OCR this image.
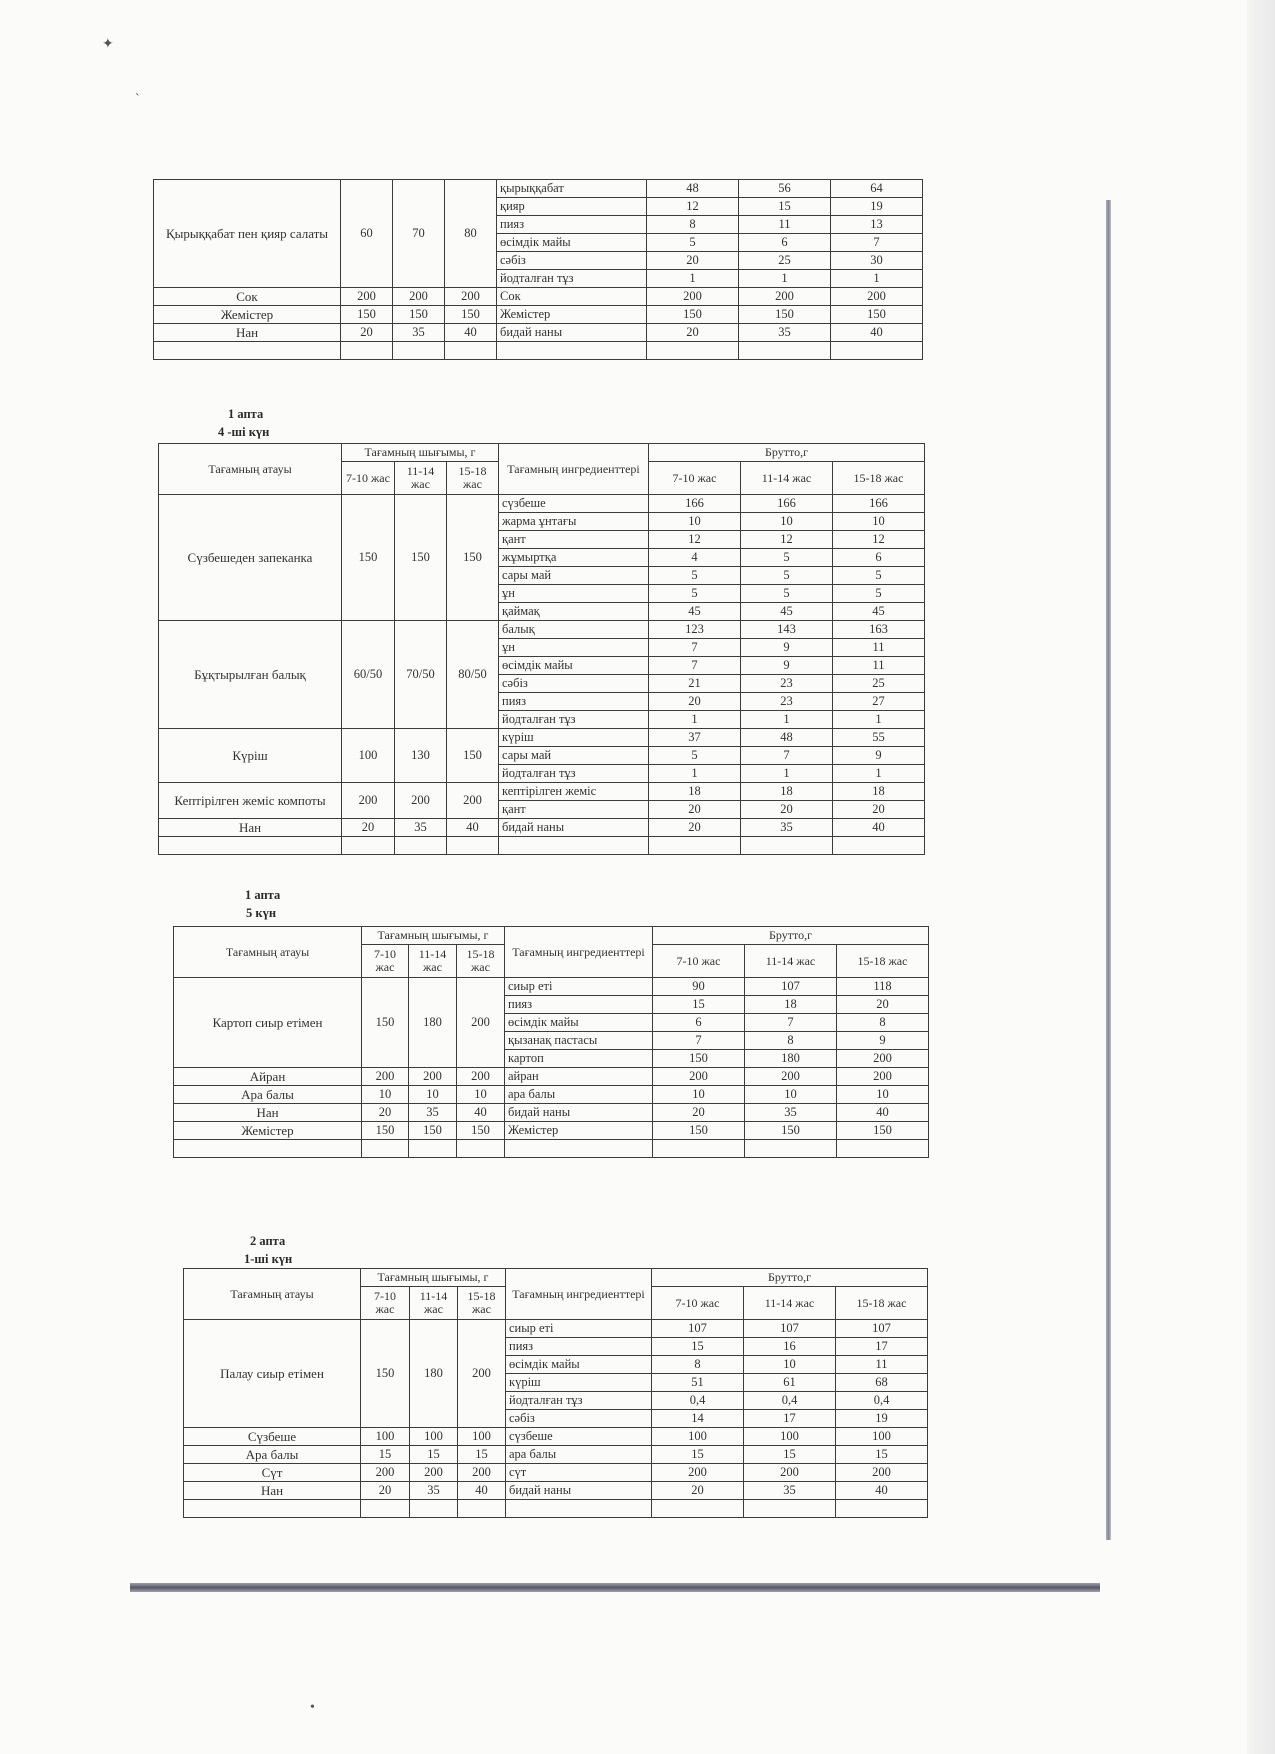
✦
˴
•
Қырыққабат пен қияр салаты	60	70	80	қырыққабат	48	56	64
				қияр	12	15	19
				пияз	8	11	13
				өсімдік майы	5	6	7
				сәбіз	20	25	30
				йодталған тұз	1	1	1
Сок	200	200	200	Сок	200	200	200
Жемістер	150	150	150	Жемістер	150	150	150
Нан	20	35	40	бидай наны	20	35	40

1 апта
4 -ші күн
Тағамның атауы	Тағамның шығымы, г			Тағамның ингредиенттері	Брутто,г		
	7-10 жас	11-14 жас	15-18 жас		7-10 жас	11-14 жас	15-18 жас
Сүзбешеден запеканка	150	150	150	сүзбеше	166	166	166
				жарма ұнтағы	10	10	10
				қант	12	12	12
				жұмыртқа	4	5	6
				сары май	5	5	5
				ұн	5	5	5
				қаймақ	45	45	45
Бұқтырылған балық	60/50	70/50	80/50	балық	123	143	163
				ұн	7	9	11
				өсімдік майы	7	9	11
				сәбіз	21	23	25
				пияз	20	23	27
				йодталған тұз	1	1	1
Күріш	100	130	150	күріш	37	48	55
				сары май	5	7	9
				йодталған тұз	1	1	1
Кептірілген жеміс компоты	200	200	200	кептірілген жеміс	18	18	18
				қант	20	20	20
Нан	20	35	40	бидай наны	20	35	40

1 апта
5 күн
Тағамның атауы	Тағамның шығымы, г			Тағамның ингредиенттері	Брутто,г		
	7-10 жас	11-14 жас	15-18 жас		7-10 жас	11-14 жас	15-18 жас
Картоп сиыр етімен	150	180	200	сиыр еті	90	107	118
				пияз	15	18	20
				өсімдік майы	6	7	8
				қызанақ пастасы	7	8	9
				картоп	150	180	200
Айран	200	200	200	айран	200	200	200
Ара балы	10	10	10	ара балы	10	10	10
Нан	20	35	40	бидай наны	20	35	40
Жемістер	150	150	150	Жемістер	150	150	150

2 апта
1-ші күн
Тағамның атауы	Тағамның шығымы, г			Тағамның ингредиенттері	Брутто,г		
	7-10 жас	11-14 жас	15-18 жас		7-10 жас	11-14 жас	15-18 жас
Палау сиыр етімен	150	180	200	сиыр еті	107	107	107
				пияз	15	16	17
				өсімдік майы	8	10	11
				күріш	51	61	68
				йодталған тұз	0,4	0,4	0,4
				сәбіз	14	17	19
Сүзбеше	100	100	100	сүзбеше	100	100	100
Ара балы	15	15	15	ара балы	15	15	15
Сүт	200	200	200	сүт	200	200	200
Нан	20	35	40	бидай наны	20	35	40
